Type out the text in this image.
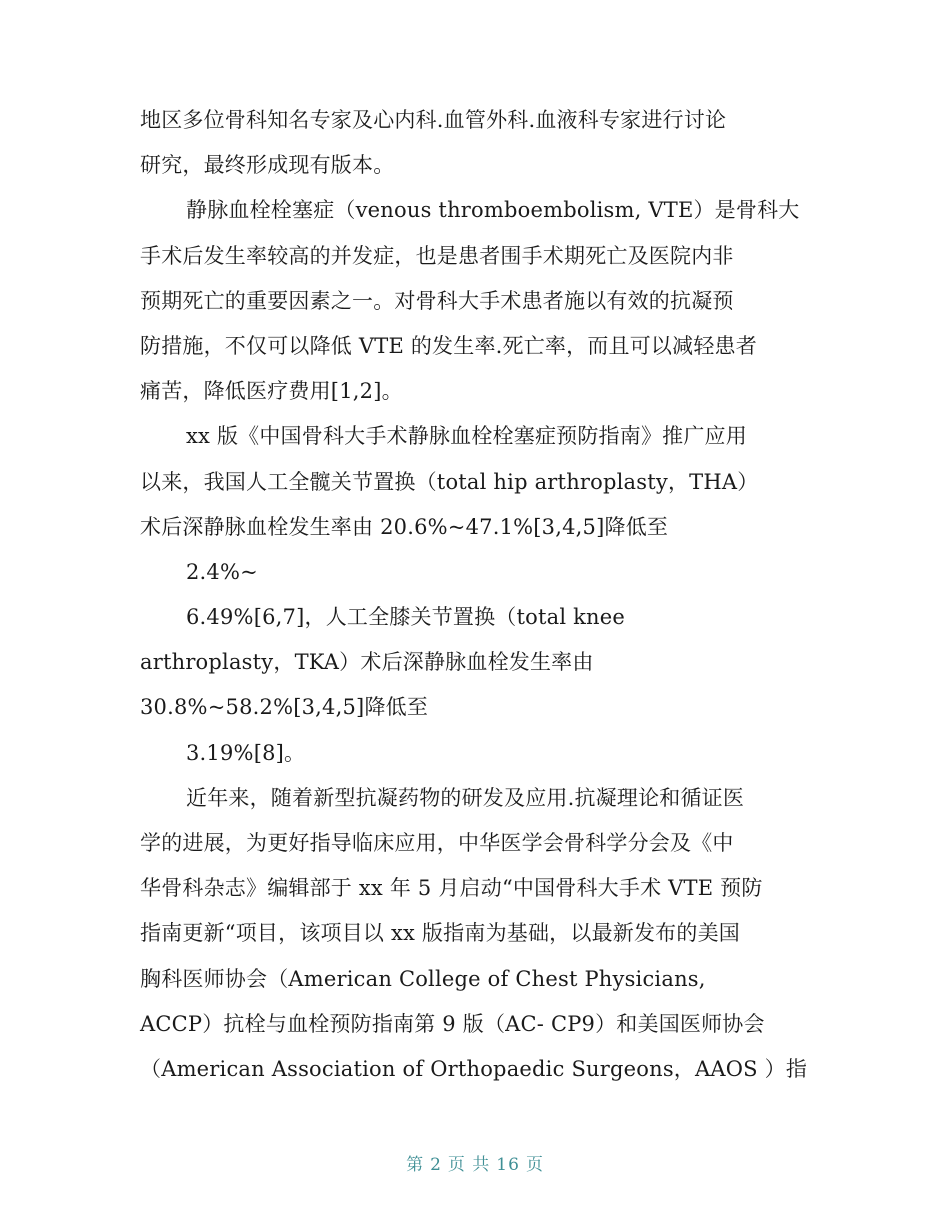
地区多位骨科知名专家及心内科.血管外科.血液科专家进行讨论
研究，最终形成现有版本。
静脉血栓栓塞症（venous thromboembolism, VTE）是骨科大
手术后发生率较高的并发症，也是患者围手术期死亡及医院内非
预期死亡的重要因素之一。对骨科大手术患者施以有效的抗凝预
防措施，不仅可以降低 VTE 的发生率.死亡率，而且可以减轻患者
痛苦，降低医疗费用[1,2]。
xx 版《中国骨科大手术静脉血栓栓塞症预防指南》推广应用
以来，我国人工全髋关节置换（total hip arthroplasty，THA）
术后深静脉血栓发生率由 20.6%~47.1%[3,4,5]降低至
2.4%~
6.49%[6,7]，人工全膝关节置换（total knee
arthroplasty，TKA）术后深静脉血栓发生率由
30.8%~58.2%[3,4,5]降低至
3.19%[8]。
近年来，随着新型抗凝药物的研发及应用.抗凝理论和循证医
学的进展，为更好指导临床应用，中华医学会骨科学分会及《中
华骨科杂志》编辑部于 xx 年 5 月启动“中国骨科大手术 VTE 预防
指南更新“项目，该项目以 xx 版指南为基础，以最新发布的美国
胸科医师协会（American College of Chest Physicians,
ACCP）抗栓与血栓预防指南第 9 版（AC- CP9）和美国医师协会
（American Association of Orthopaedic Surgeons，AAOS ）指
第 2 页 共 16 页
